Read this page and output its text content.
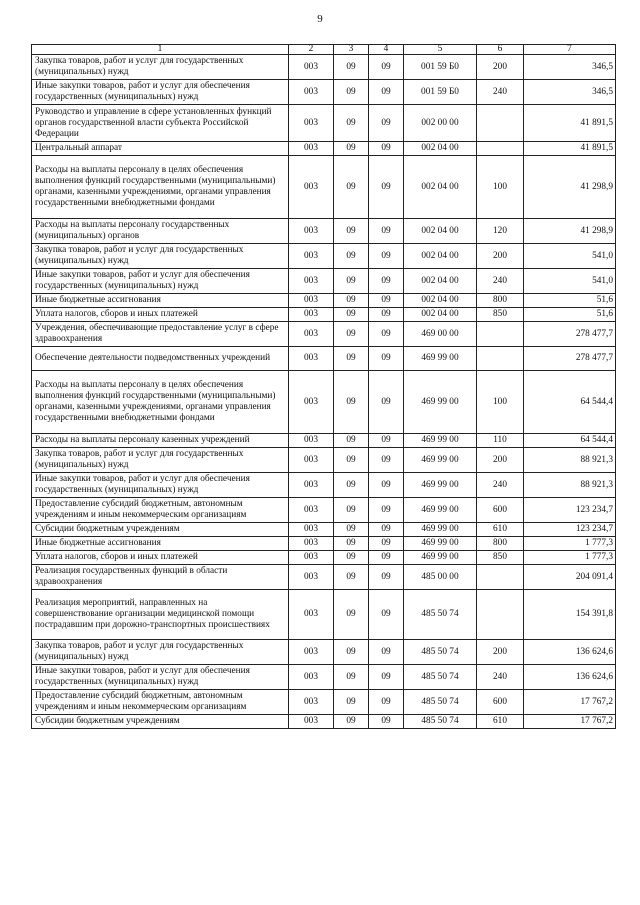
9
1	2	3	4	5	6	7
Закупка товаров, работ и услуг для государственных (муниципальных) нужд	003	09	09	001 59 Б0	200	346,5
Иные закупки товаров, работ и услуг для обеспечения государственных (муниципальных) нужд	003	09	09	001 59 Б0	240	346,5
Руководство и управление в сфере установленных функций органов государственной власти субъекта Российской Федерации	003	09	09	002 00 00		41 891,5
Центральный аппарат	003	09	09	002 04 00		41 891,5
Расходы на выплаты персоналу в целях обеспечения выполнения функций государственными (муниципальными) органами, казенными учреждениями, органами управления государственными внебюджетными фондами	003	09	09	002 04 00	100	41 298,9
Расходы на выплаты персоналу государственных (муниципальных) органов	003	09	09	002 04 00	120	41 298,9
Закупка товаров, работ и услуг для государственных (муниципальных) нужд	003	09	09	002 04 00	200	541,0
Иные закупки товаров, работ и услуг для обеспечения государственных (муниципальных) нужд	003	09	09	002 04 00	240	541,0
Иные бюджетные ассигнования	003	09	09	002 04 00	800	51,6
Уплата налогов, сборов и иных платежей	003	09	09	002 04 00	850	51,6
Учреждения, обеспечивающие предоставление услуг в сфере здравоохранения	003	09	09	469 00 00		278 477,7
Обеспечение деятельности подведомственных учреждений	003	09	09	469 99 00		278 477,7
Расходы на выплаты персоналу в целях обеспечения выполнения функций государственными (муниципальными) органами, казенными учреждениями, органами управления государственными внебюджетными фондами	003	09	09	469 99 00	100	64 544,4
Расходы на выплаты персоналу казенных учреждений	003	09	09	469 99 00	110	64 544,4
Закупка товаров, работ и услуг для государственных (муниципальных) нужд	003	09	09	469 99 00	200	88 921,3
Иные закупки товаров, работ и услуг для обеспечения государственных (муниципальных) нужд	003	09	09	469 99 00	240	88 921,3
Предоставление субсидий бюджетным, автономным учреждениям и иным некоммерческим организациям	003	09	09	469 99 00	600	123 234,7
Субсидии бюджетным учреждениям	003	09	09	469 99 00	610	123 234,7
Иные бюджетные ассигнования	003	09	09	469 99 00	800	1 777,3
Уплата налогов, сборов и иных платежей	003	09	09	469 99 00	850	1 777,3
Реализация государственных функций в области здравоохранения	003	09	09	485 00 00		204 091,4
Реализация мероприятий, направленных на совершенствование организации медицинской помощи пострадавшим при дорожно-транспортных происшествиях	003	09	09	485 50 74		154 391,8
Закупка товаров, работ и услуг для государственных (муниципальных) нужд	003	09	09	485 50 74	200	136 624,6
Иные закупки товаров, работ и услуг для обеспечения государственных (муниципальных) нужд	003	09	09	485 50 74	240	136 624,6
Предоставление субсидий бюджетным, автономным учреждениям и иным некоммерческим организациям	003	09	09	485 50 74	600	17 767,2
Субсидии бюджетным учреждениям	003	09	09	485 50 74	610	17 767,2
